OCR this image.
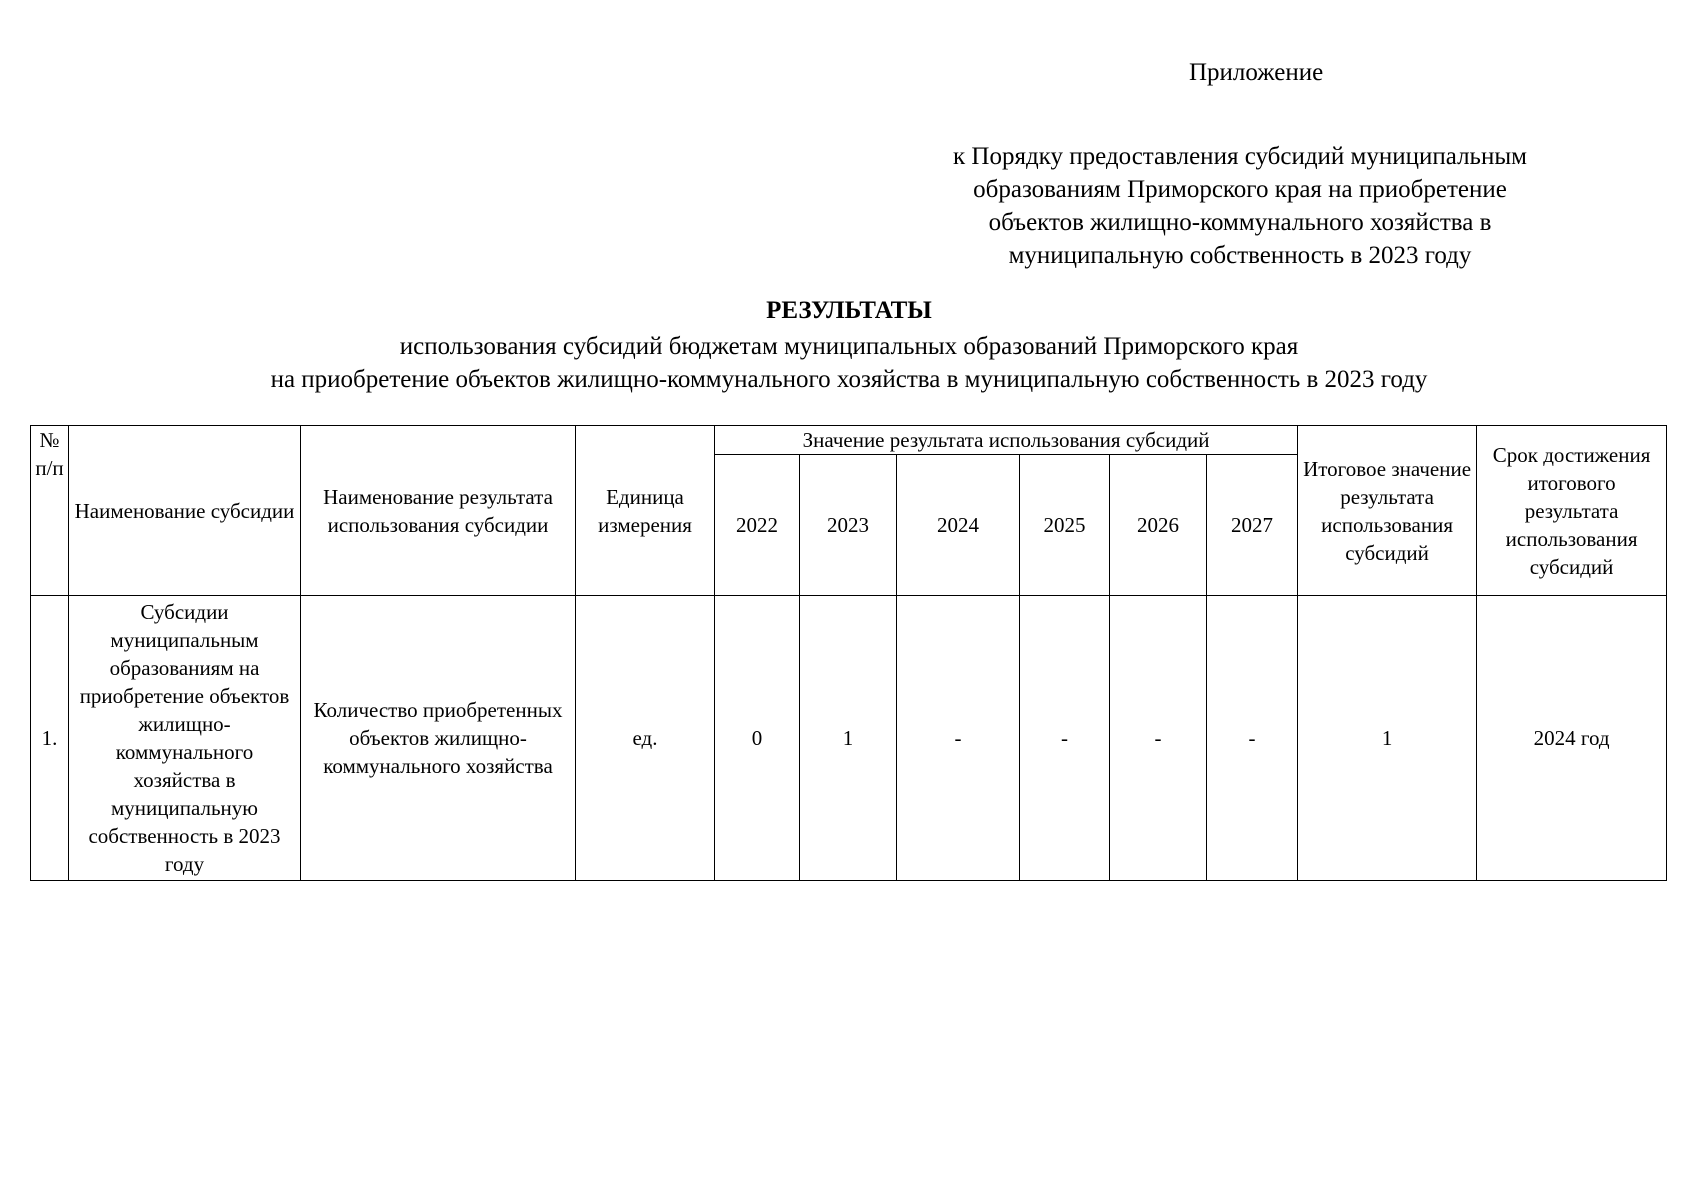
Приложение
к Порядку предоставления субсидий муниципальным
образованиям Приморского края на приобретение
объектов жилищно-коммунального хозяйства в
муниципальную собственность в 2023 году
РЕЗУЛЬТАТЫ
использования субсидий бюджетам муниципальных образований Приморского края
на приобретение объектов жилищно-коммунального хозяйства в муниципальную собственность в 2023 году
№ п/п	Наименование субсидии	Наименование результата использования субсидии	Единица измерения	Значение результата использования субсидий						Итоговое значение результата использования субсидий	Срок достижения итогового результата использования субсидий
				2022	2023	2024	2025	2026	2027		
1.	Субсидии муниципальным образованиям на приобретение объектов жилищно-коммунального хозяйства в муниципальную собственность в 2023 году	Количество приобретенных объектов жилищно-коммунального хозяйства	ед.	0	1	-	-	-	-	1	2024 год
